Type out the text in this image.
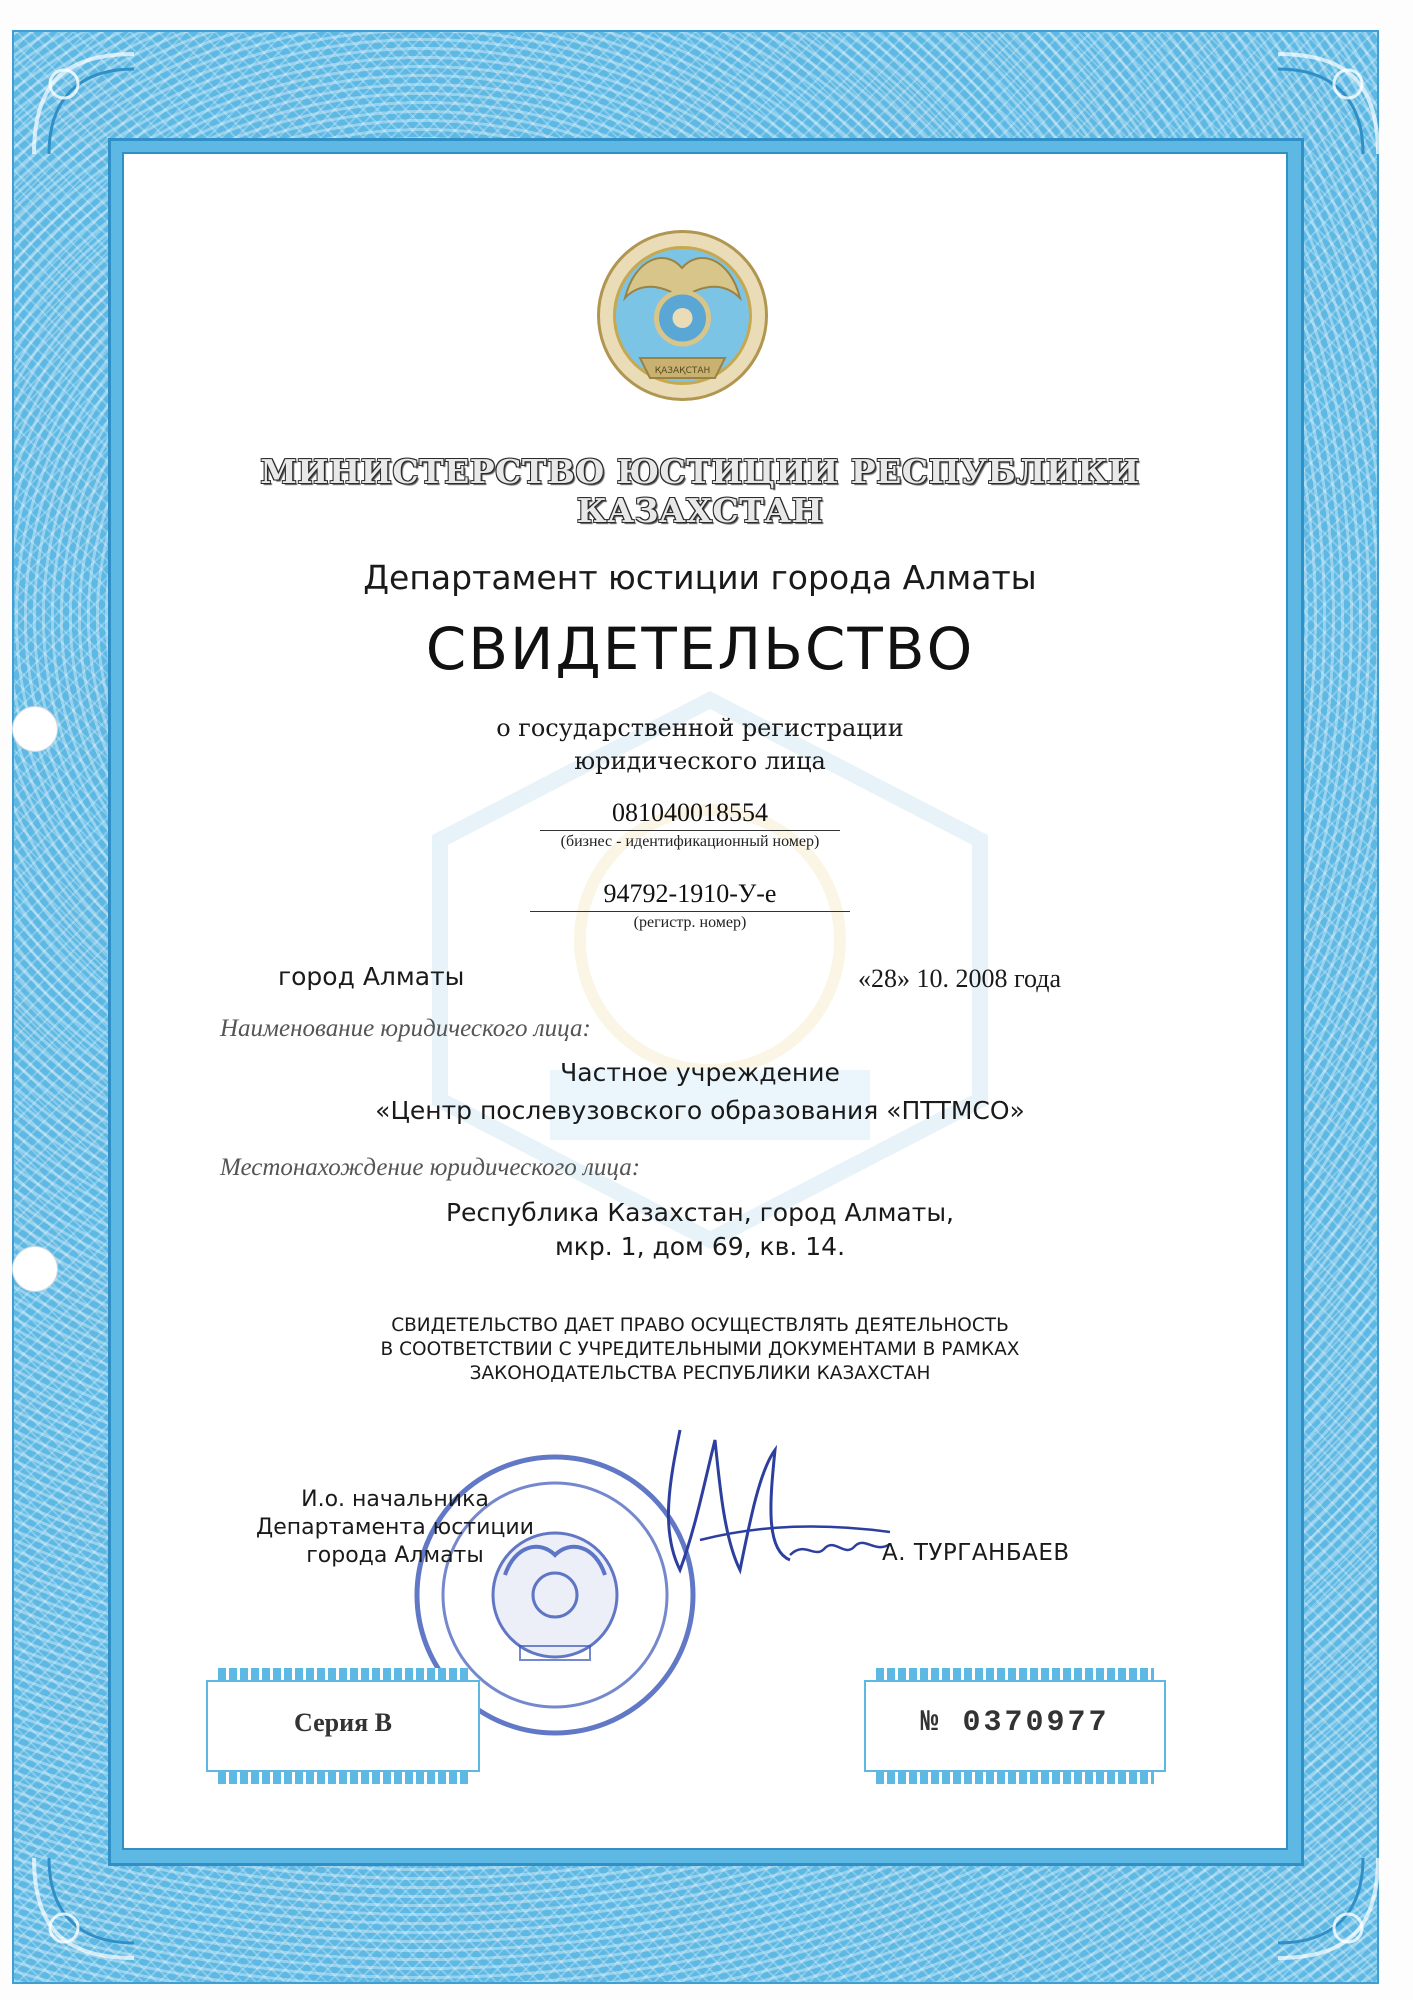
ҚАЗАҚСТАН
МИНИСТЕРСТВО ЮСТИЦИИ РЕСПУБЛИКИ КАЗАХСТАН
Департамент юстиции города Алматы
СВИДЕТЕЛЬСТВО
о государственной регистрации
юридического лица
081040018554
(бизнес - идентификационный номер)
94792-1910-У-е
(регистр. номер)
город Алматы	«28» 10. 2008 года
Наименование юридического лица:
Частное учреждение
«Центр послевузовского образования «ПТТМСО»
Местонахождение юридического лица:
Республика Казахстан, город Алматы,
мкр. 1, дом 69, кв. 14.
СВИДЕТЕЛЬСТВО ДАЕТ ПРАВО ОСУЩЕСТВЛЯТЬ ДЕЯТЕЛЬНОСТЬ
В СООТВЕТСТВИИ С УЧРЕДИТЕЛЬНЫМИ ДОКУМЕНТАМИ В РАМКАХ
ЗАКОНОДАТЕЛЬСТВА РЕСПУБЛИКИ КАЗАХСТАН
И.о. начальника
Департамента юстиции
города Алматы	А. ТУРГАНБАЕВ
Серия В	№ 0370977
